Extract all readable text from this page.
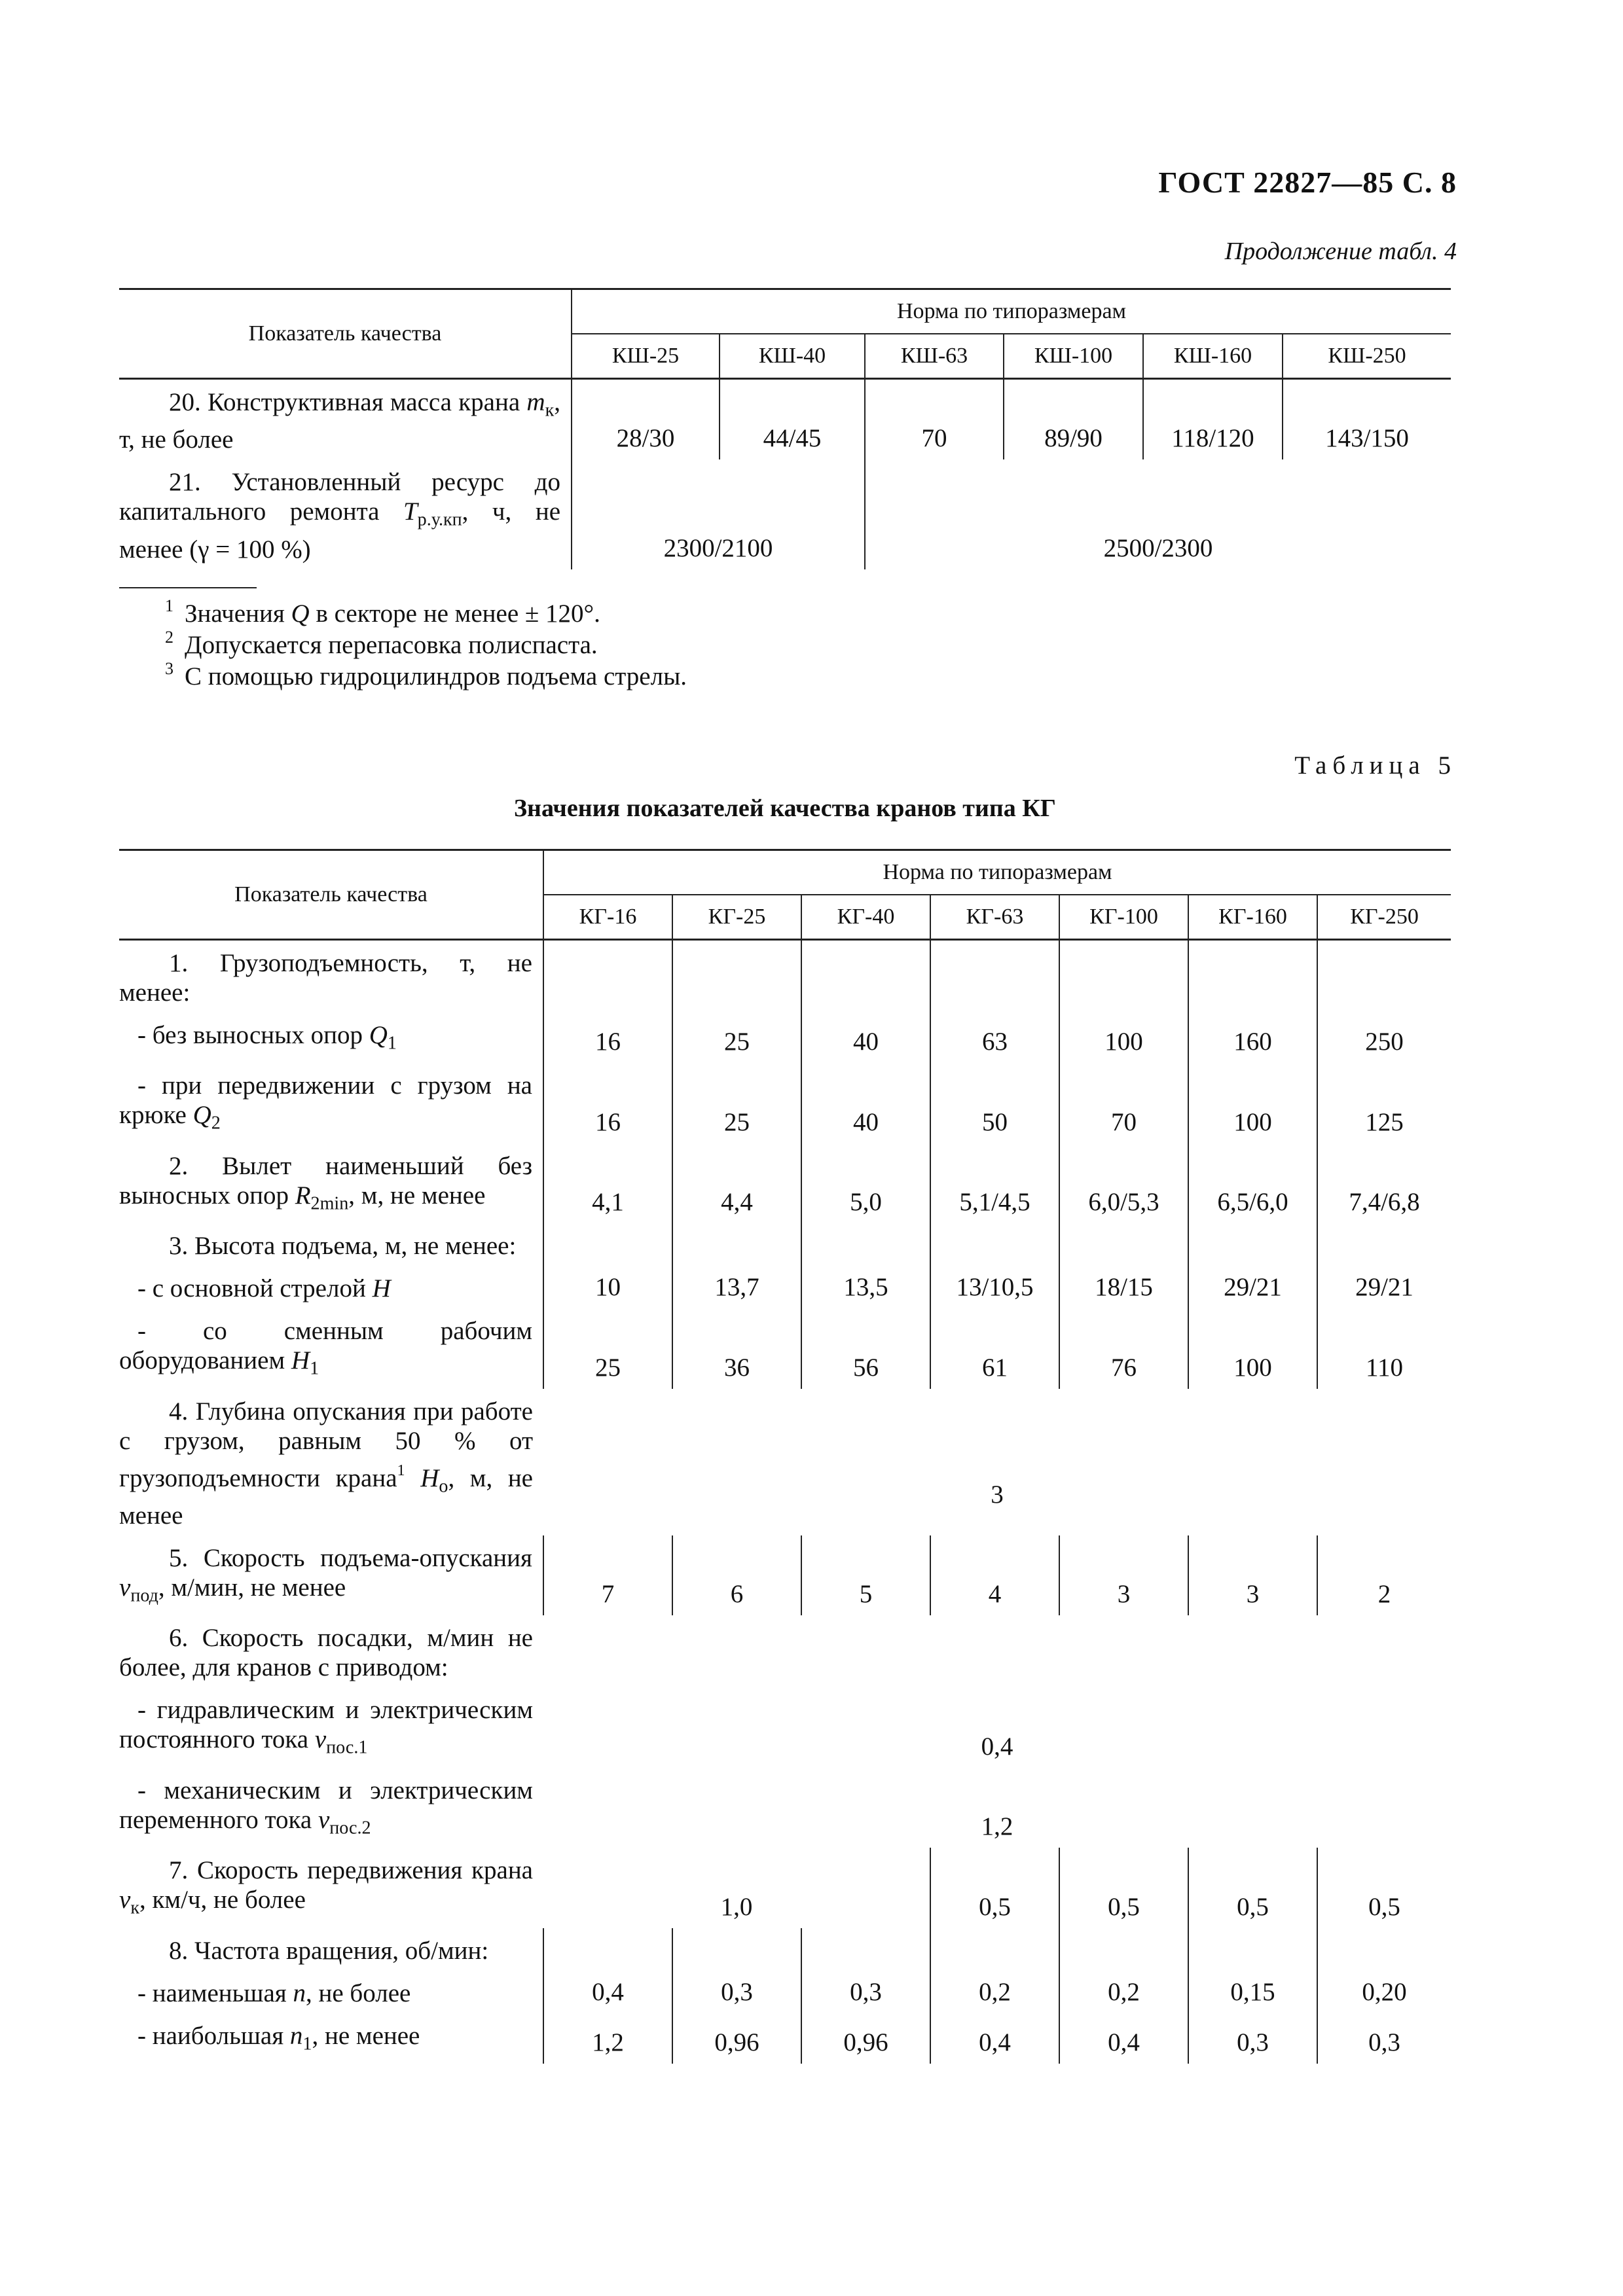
ГОСТ 22827—85 С. 8
Продолжение табл. 4
Показатель качества	Норма по типоразмерам					
	КШ-25	КШ-40	КШ-63	КШ-100	КШ-160	КШ-250
20. Конструктивная масса крана $m_к$, т, не более	28/30	44/45	70	89/90	118/120	143/150
21. Установленный ресурс до капитального ремонта $T_{р.у.кп}$, ч, не менее (γ = 100 %)	2300/2100		2500/2300			
1 Значения Q в секторе не менее ± 120°.
2 Допускается перепасовка полиспаста.
3 С помощью гидроцилиндров подъема стрелы.
Таблица 5
Значения показателей качества кранов типа КГ
Показатель качества	Норма по типоразмерам						
	КГ-16	КГ-25	КГ-40	КГ-63	КГ-100	КГ-160	КГ-250
1. Грузоподъемность, т, не менее:							
- без выносных опор $Q_1$	16	25	40	63	100	160	250
- при передвижении с грузом на крюке $Q_2$	16	25	40	50	70	100	125
2. Вылет наименьший без выносных опор $R_{2min}$, м, не менее	4,1	4,4	5,0	5,1/4,5	6,0/5,3	6,5/6,0	7,4/6,8
3. Высота подъема, м, не менее:							
- с основной стрелой H	10	13,7	13,5	13/10,5	18/15	29/21	29/21
- со сменным рабочим оборудованием $H_1$	25	36	56	61	76	100	110
4. Глубина опускания при работе с грузом, равным 50 % от грузоподъемности крана$^1$ $H_о$, м, не менее	3						
5. Скорость подъема-опускания $v_{под}$, м/мин, не менее	7	6	5	4	3	3	2
6. Скорость посадки, м/мин не более, для кранов с приводом:							
- гидравлическим и электрическим постоянного тока $v_{пос.1}$	0,4						
- механическим и электрическим переменного тока $v_{пос.2}$	1,2						
7. Скорость передвижения крана $v_к$, км/ч, не более	1,0			0,5	0,5	0,5	0,5
8. Частота вращения, об/мин:							
- наименьшая n, не более	0,4	0,3	0,3	0,2	0,2	0,15	0,20
- наибольшая $n_1$, не менее	1,2	0,96	0,96	0,4	0,4	0,3	0,3
